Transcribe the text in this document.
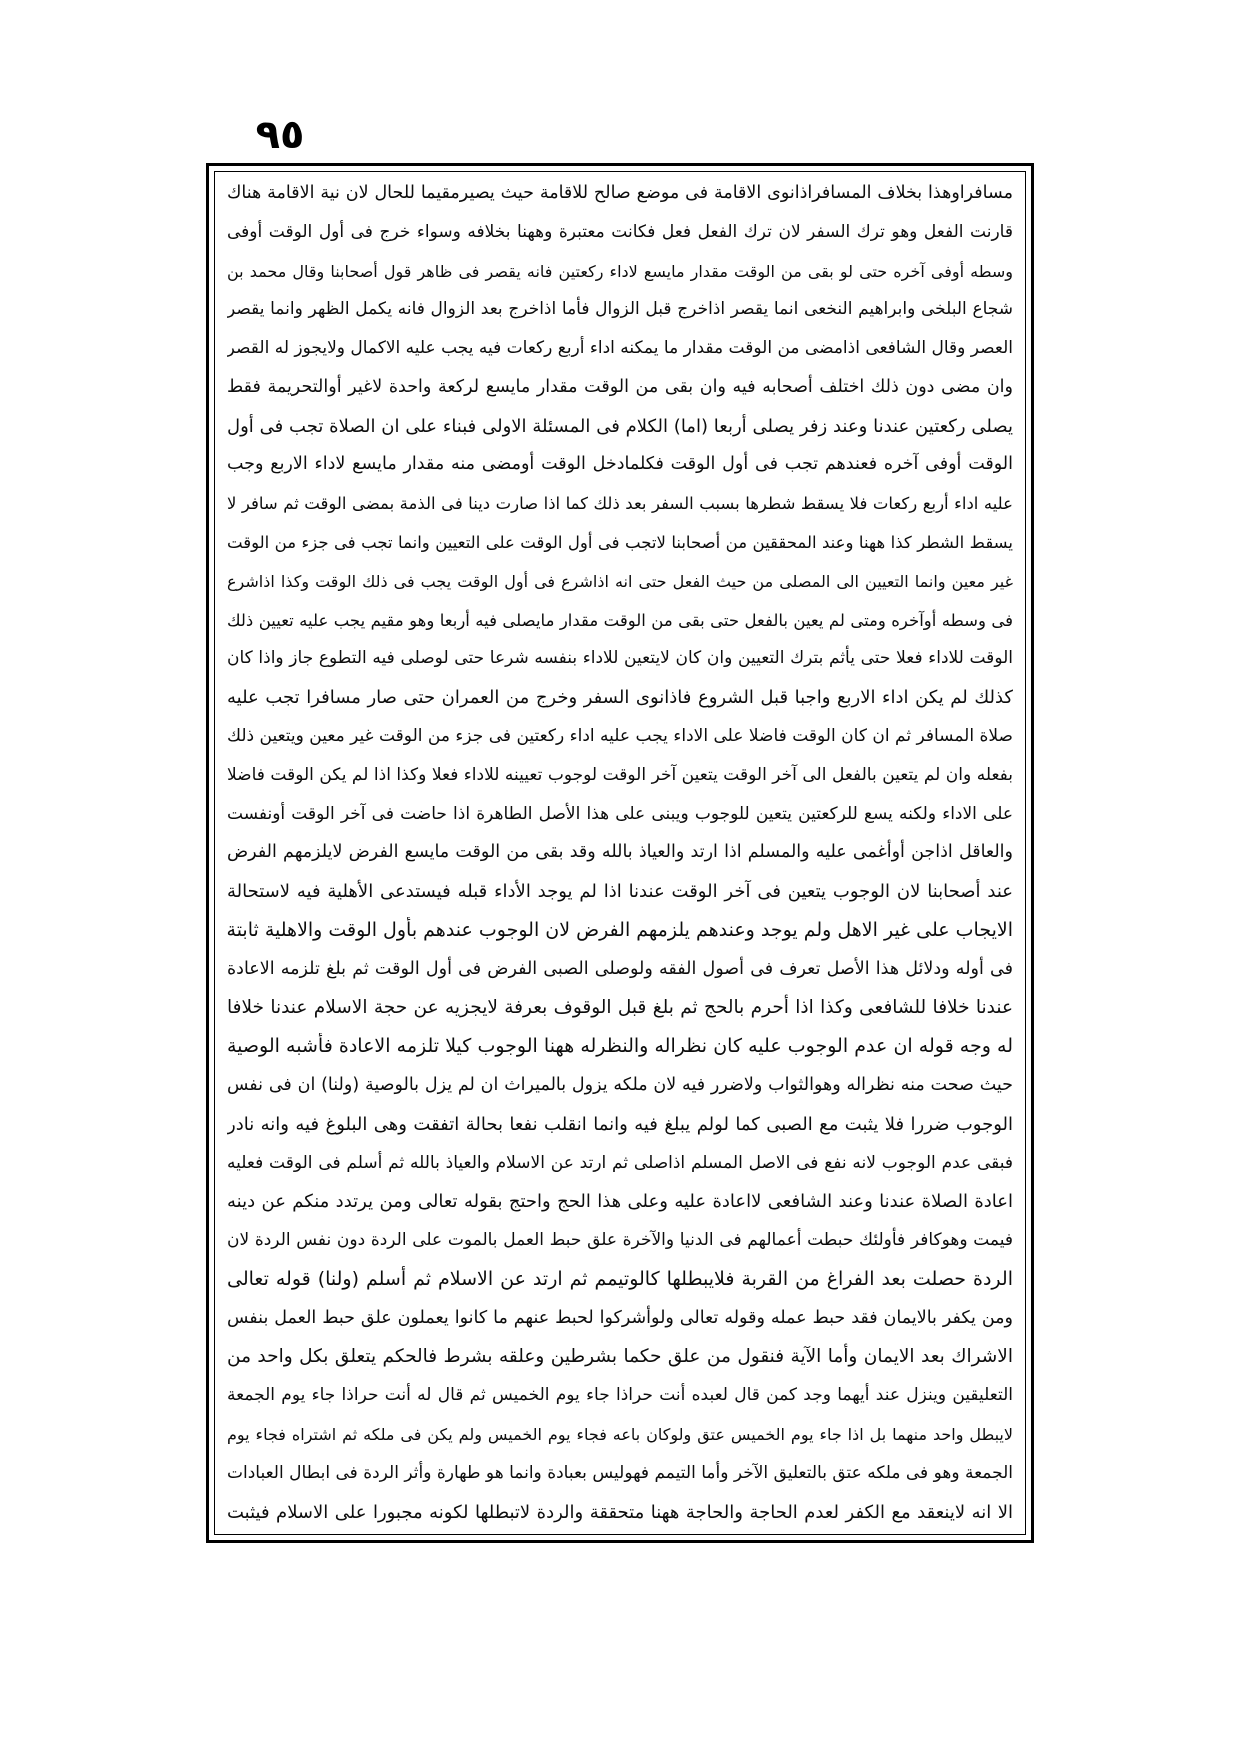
٩٥
مسافراوهذا بخلاف المسافراذانوى الاقامة فى موضع صالح للاقامة حيث يصيرمقيما للحال لان نية الاقامة هناك
قارنت الفعل وهو ترك السفر لان ترك الفعل فعل فكانت معتبرة وههنا بخلافه وسواء خرج فى أول الوقت أوفى
وسطه أوفى آخره حتى لو بقى من الوقت مقدار مايسع لاداء ركعتين فانه يقصر فى ظاهر قول أصحابنا وقال محمد بن
شجاع البلخى وابراهيم النخعى انما يقصر اذاخرج قبل الزوال فأما اذاخرج بعد الزوال فانه يكمل الظهر وانما يقصر
العصر وقال الشافعى اذامضى من الوقت مقدار ما يمكنه اداء أربع ركعات فيه يجب عليه الاكمال ولايجوز له القصر
وان مضى دون ذلك اختلف أصحابه فيه وان بقى من الوقت مقدار مايسع لركعة واحدة لاغير أوالتحريمة فقط
يصلى ركعتين عندنا وعند زفر يصلى أربعا (اما) الكلام فى المسئلة الاولى فبناء على ان الصلاة تجب فى أول
الوقت أوفى آخره فعندهم تجب فى أول الوقت فكلمادخل الوقت أومضى منه مقدار مايسع لاداء الاربع وجب
عليه اداء أربع ركعات فلا يسقط شطرها بسبب السفر بعد ذلك كما اذا صارت دينا فى الذمة بمضى الوقت ثم سافر لا
يسقط الشطر كذا ههنا وعند المحققين من أصحابنا لاتجب فى أول الوقت على التعيين وانما تجب فى جزء من الوقت
غير معين وانما التعيين الى المصلى من حيث الفعل حتى انه اذاشرع فى أول الوقت يجب فى ذلك الوقت وكذا اذاشرع
فى وسطه أوآخره ومتى لم يعين بالفعل حتى بقى من الوقت مقدار مايصلى فيه أربعا وهو مقيم يجب عليه تعيين ذلك
الوقت للاداء فعلا حتى يأثم بترك التعيين وان كان لايتعين للاداء بنفسه شرعا حتى لوصلى فيه التطوع جاز واذا كان
كذلك لم يكن اداء الاربع واجبا قبل الشروع فاذانوى السفر وخرج من العمران حتى صار مسافرا تجب عليه
صلاة المسافر ثم ان كان الوقت فاضلا على الاداء يجب عليه اداء ركعتين فى جزء من الوقت غير معين ويتعين ذلك
بفعله وان لم يتعين بالفعل الى آخر الوقت يتعين آخر الوقت لوجوب تعيينه للاداء فعلا وكذا اذا لم يكن الوقت فاضلا
على الاداء ولكنه يسع للركعتين يتعين للوجوب ويبنى على هذا الأصل الطاهرة اذا حاضت فى آخر الوقت أونفست
والعاقل اذاجن أوأغمى عليه والمسلم اذا ارتد والعياذ بالله وقد بقى من الوقت مايسع الفرض لايلزمهم الفرض
عند أصحابنا لان الوجوب يتعين فى آخر الوقت عندنا اذا لم يوجد الأداء قبله فيستدعى الأهلية فيه لاستحالة
الايجاب على غير الاهل ولم يوجد وعندهم يلزمهم الفرض لان الوجوب عندهم بأول الوقت والاهلية ثابتة
فى أوله ودلائل هذا الأصل تعرف فى أصول الفقه ولوصلى الصبى الفرض فى أول الوقت ثم بلغ تلزمه الاعادة
عندنا خلافا للشافعى وكذا اذا أحرم بالحج ثم بلغ قبل الوقوف بعرفة لايجزيه عن حجة الاسلام عندنا خلافا
له وجه قوله ان عدم الوجوب عليه كان نظراله والنظرله ههنا الوجوب كيلا تلزمه الاعادة فأشبه الوصية
حيث صحت منه نظراله وهوالثواب ولاضرر فيه لان ملكه يزول بالميراث ان لم يزل بالوصية (ولنا) ان فى نفس
الوجوب ضررا فلا يثبت مع الصبى كما لولم يبلغ فيه وانما انقلب نفعا بحالة اتفقت وهى البلوغ فيه وانه نادر
فبقى عدم الوجوب لانه نفع فى الاصل المسلم اذاصلى ثم ارتد عن الاسلام والعياذ بالله ثم أسلم فى الوقت فعليه
اعادة الصلاة عندنا وعند الشافعى لااعادة عليه وعلى هذا الحج واحتج بقوله تعالى ومن يرتدد منكم عن دينه
فيمت وهوكافر فأولئك حبطت أعمالهم فى الدنيا والآخرة علق حبط العمل بالموت على الردة دون نفس الردة لان
الردة حصلت بعد الفراغ من القربة فلايبطلها كالوتيمم ثم ارتد عن الاسلام ثم أسلم (ولنا) قوله تعالى
ومن يكفر بالايمان فقد حبط عمله وقوله تعالى ولوأشركوا لحبط عنهم ما كانوا يعملون علق حبط العمل بنفس
الاشراك بعد الايمان وأما الآية فنقول من علق حكما بشرطين وعلقه بشرط فالحكم يتعلق بكل واحد من
التعليقين وينزل عند أيهما وجد كمن قال لعبده أنت حراذا جاء يوم الخميس ثم قال له أنت حراذا جاء يوم الجمعة
لايبطل واحد منهما بل اذا جاء يوم الخميس عتق ولوكان باعه فجاء يوم الخميس ولم يكن فى ملكه ثم اشتراه فجاء يوم
الجمعة وهو فى ملكه عتق بالتعليق الآخر وأما التيمم فهوليس بعبادة وانما هو طهارة وأثر الردة فى ابطال العبادات
الا انه لاينعقد مع الكفر لعدم الحاجة والحاجة ههنا متحققة والردة لاتبطلها لكونه مجبورا على الاسلام فيثبت
